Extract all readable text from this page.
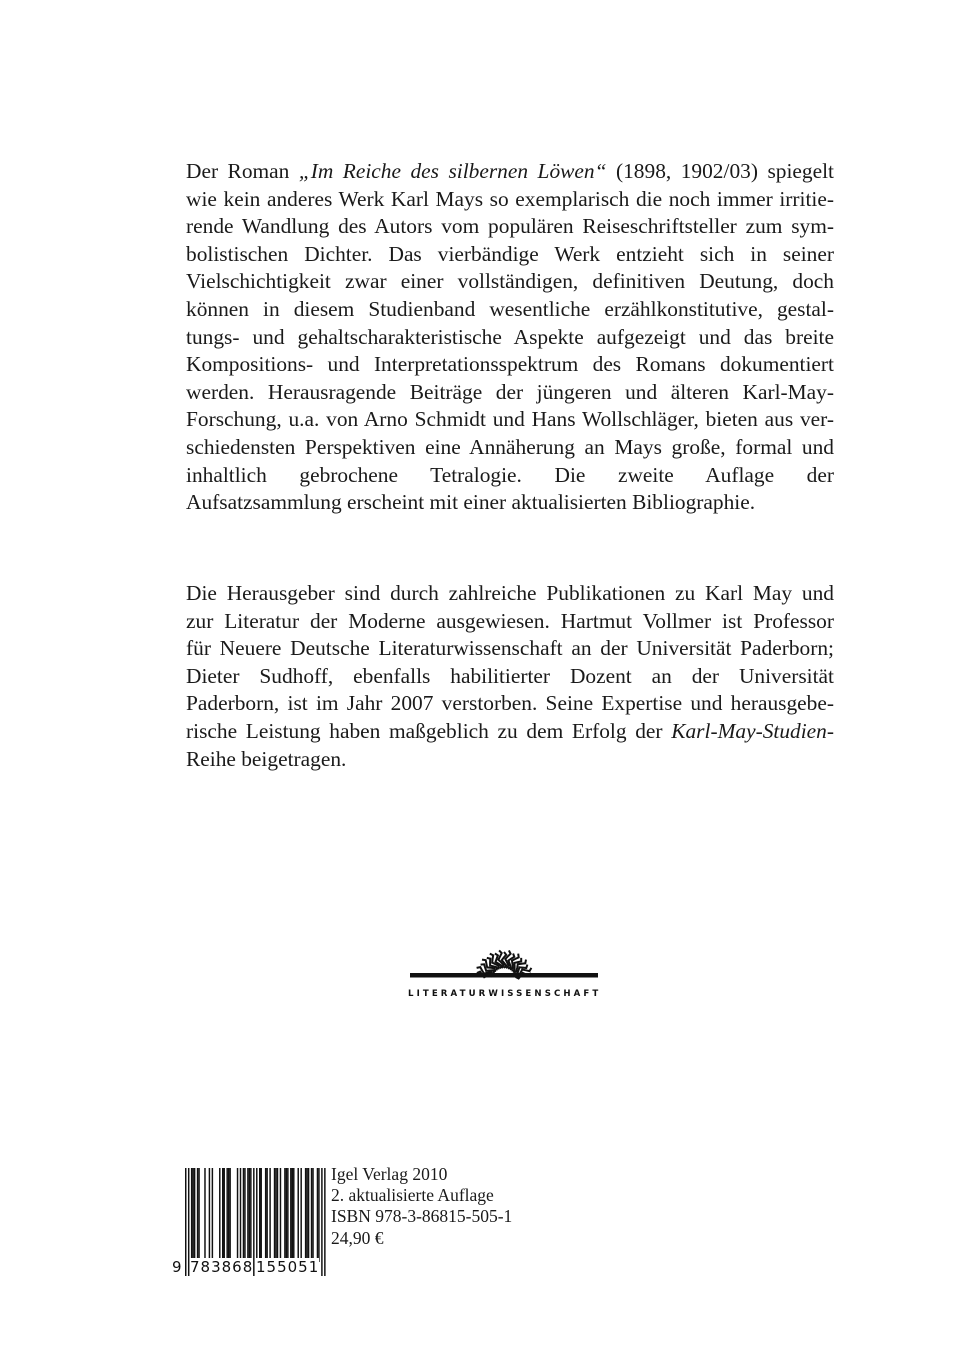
Der Roman „Im Reiche des silbernen Löwen“ (1898, 1902/03) spiegelt
wie kein anderes Werk Karl Mays so exemplarisch die noch immer irritie-
rende Wandlung des Autors vom populären Reiseschriftsteller zum sym-
bolistischen Dichter. Das vierbändige Werk entzieht sich in seiner
Vielschichtigkeit zwar einer vollständigen, definitiven Deutung, doch
können in diesem Studienband wesentliche erzählkonstitutive, gestal-
tungs- und gehaltscharakteristische Aspekte aufgezeigt und das breite
Kompositions- und Interpretationsspektrum des Romans dokumentiert
werden. Herausragende Beiträge der jüngeren und älteren Karl-May-
Forschung, u.a. von Arno Schmidt und Hans Wollschläger, bieten aus ver-
schiedensten Perspektiven eine Annäherung an Mays große, formal und
inhaltlich gebrochene Tetralogie. Die zweite Auflage der
Aufsatzsammlung erscheint mit einer aktualisierten Bibliographie.
Die Herausgeber sind durch zahlreiche Publikationen zu Karl May und
zur Literatur der Moderne ausgewiesen. Hartmut Vollmer ist Professor
für Neuere Deutsche Literaturwissenschaft an der Universität Paderborn;
Dieter Sudhoff, ebenfalls habilitierter Dozent an der Universität
Paderborn, ist im Jahr 2007 verstorben. Seine Expertise und herausgebe-
rische Leistung haben maßgeblich zu dem Erfolg der Karl-May-Studien-
Reihe beigetragen.
LITERATURWISSENSCHAFT
9 783868 155051
Igel Verlag 2010
2. aktualisierte Auflage
ISBN 978-3-86815-505-1
24,90 €
